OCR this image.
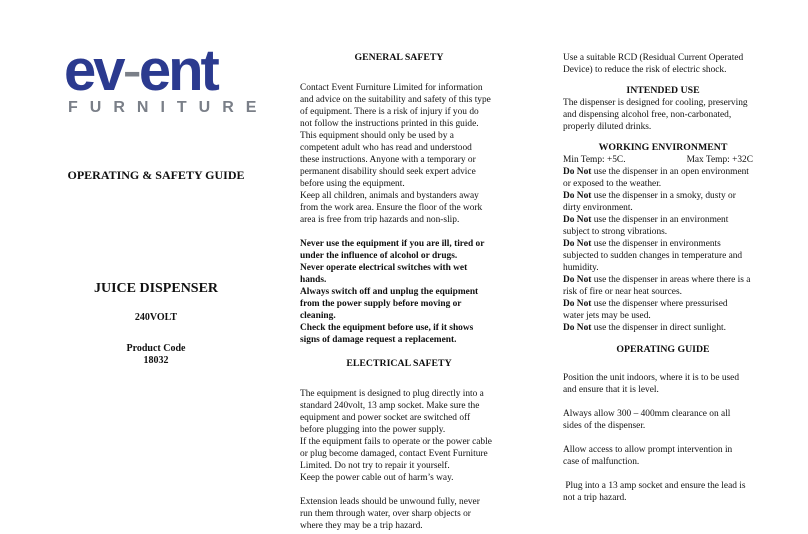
ev-ent
FURNITURE
OPERATING & SAFETY GUIDE
JUICE DISPENSER
240VOLT
Product Code
18032

GENERAL SAFETY

Contact Event Furniture Limited for information

and advice on the suitability and safety of this type

of equipment. There is a risk of injury if you do

not follow the instructions printed in this guide.

This equipment should only be used by a

competent adult who has read and understood

these instructions. Anyone with a temporary or

permanent disability should seek expert advice

before using the equipment.

Keep all children, animals and bystanders away

from the work area. Ensure the floor of the work

area is free from trip hazards and non-slip.

Never use the equipment if you are ill, tired or

under the influence of alcohol or drugs.

Never operate electrical switches with wet

hands.

Always switch off and unplug the equipment

from the power supply before moving or

cleaning.

Check the equipment before use, if it shows

signs of damage request a replacement.

ELECTRICAL SAFETY

The equipment is designed to plug directly into a

standard 240volt, 13 amp socket. Make sure the

equipment and power socket are switched off

before plugging into the power supply.

If the equipment fails to operate or the power cable

or plug become damaged, contact Event Furniture

Limited. Do not try to repair it yourself.

Keep the power cable out of harm’s way.

Extension leads should be unwound fully, never

run them through water, over sharp objects or

where they may be a trip hazard.

Use a suitable RCD (Residual Current Operated

Device) to reduce the risk of electric shock.

INTENDED USE

The dispenser is designed for cooling, preserving

and dispensing alcohol free, non-carbonated,

properly diluted drinks.

WORKING ENVIRONMENT

Min Temp: +5C.	Max Temp: +32C

Do Not use the dispenser in an open environment

or exposed to the weather.

Do Not use the dispenser in a smoky, dusty or

dirty environment.

Do Not use the dispenser in an environment

subject to strong vibrations.

Do Not use the dispenser in environments

subjected to sudden changes in temperature and

humidity.

Do Not use the dispenser in areas where there is a

risk of fire or near heat sources.

Do Not use the dispenser where pressurised

water jets may be used.

Do Not use the dispenser in direct sunlight.

OPERATING GUIDE

Position the unit indoors, where it is to be used

and ensure that it is level.

Always allow 300 – 400mm clearance on all

sides of the dispenser.

Allow access to allow prompt intervention in

case of malfunction.

Plug into a 13 amp socket and ensure the lead is

not a trip hazard.
